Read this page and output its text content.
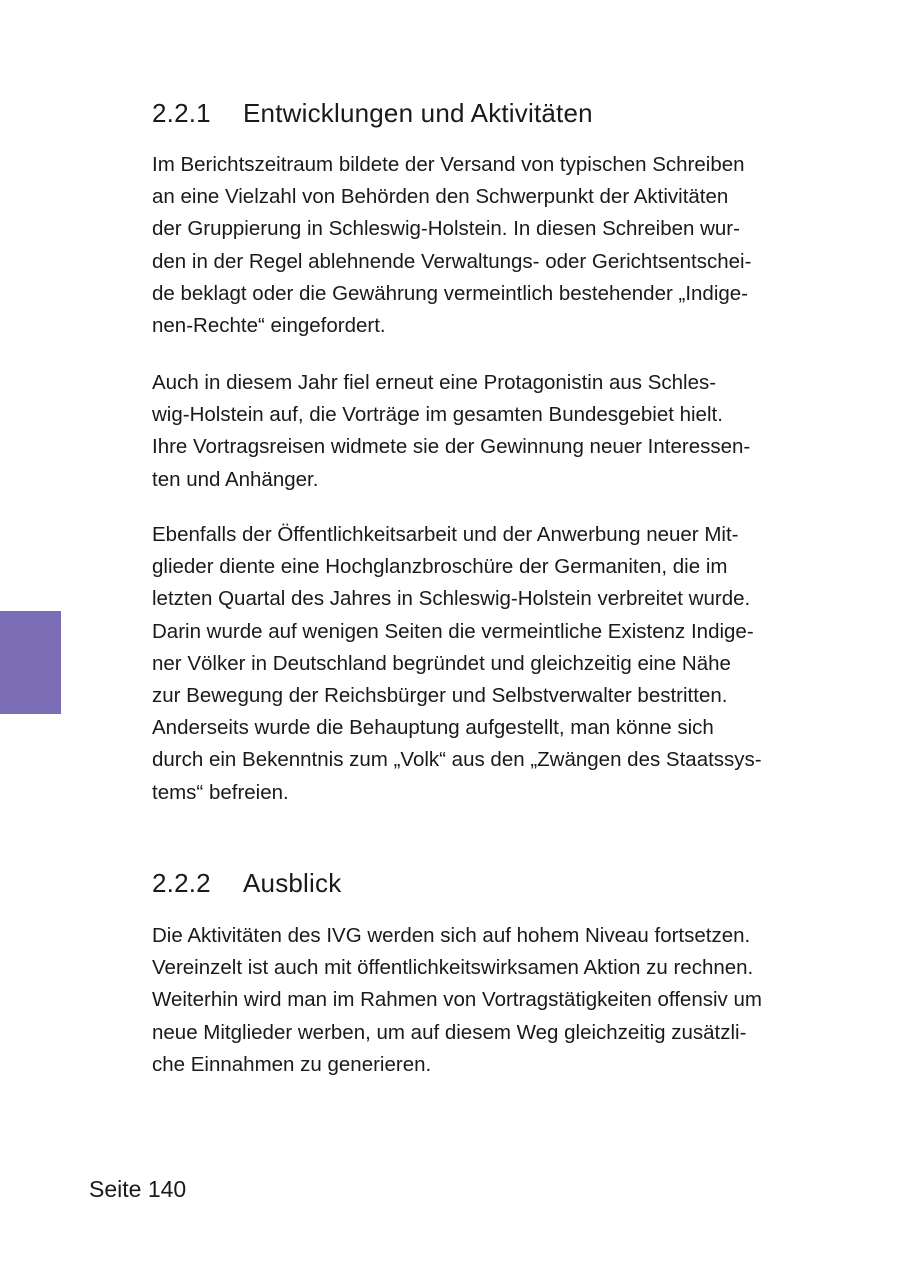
2.2.1 Entwicklungen und Aktivitäten

Im Berichtszeitraum bildete der Versand von typischen Schreiben
an eine Vielzahl von Behörden den Schwerpunkt der Aktivitäten
der Gruppierung in Schleswig-Holstein. In diesen Schreiben wur-
den in der Regel ablehnende Verwaltungs- oder Gerichtsentschei-
de beklagt oder die Gewährung vermeintlich bestehender „Indige-
nen-Rechte“ eingefordert.

Auch in diesem Jahr fiel erneut eine Protagonistin aus Schles-
wig-Holstein auf, die Vorträge im gesamten Bundesgebiet hielt.
Ihre Vortragsreisen widmete sie der Gewinnung neuer Interessen-
ten und Anhänger.

Ebenfalls der Öffentlichkeitsarbeit und der Anwerbung neuer Mit-
glieder diente eine Hochglanzbroschüre der Germaniten, die im
letzten Quartal des Jahres in Schleswig-Holstein verbreitet wurde.
Darin wurde auf wenigen Seiten die vermeintliche Existenz Indige-
ner Völker in Deutschland begründet und gleichzeitig eine Nähe
zur Bewegung der Reichsbürger und Selbstverwalter bestritten.
Anderseits wurde die Behauptung aufgestellt, man könne sich
durch ein Bekenntnis zum „Volk“ aus den „Zwängen des Staatssys-
tems“ befreien.

2.2.2 Ausblick

Die Aktivitäten des IVG werden sich auf hohem Niveau fortsetzen.
Vereinzelt ist auch mit öffentlichkeitswirksamen Aktion zu rechnen.
Weiterhin wird man im Rahmen von Vortragstätigkeiten offensiv um
neue Mitglieder werben, um auf diesem Weg gleichzeitig zusätzli-
che Einnahmen zu generieren.

Seite 140
